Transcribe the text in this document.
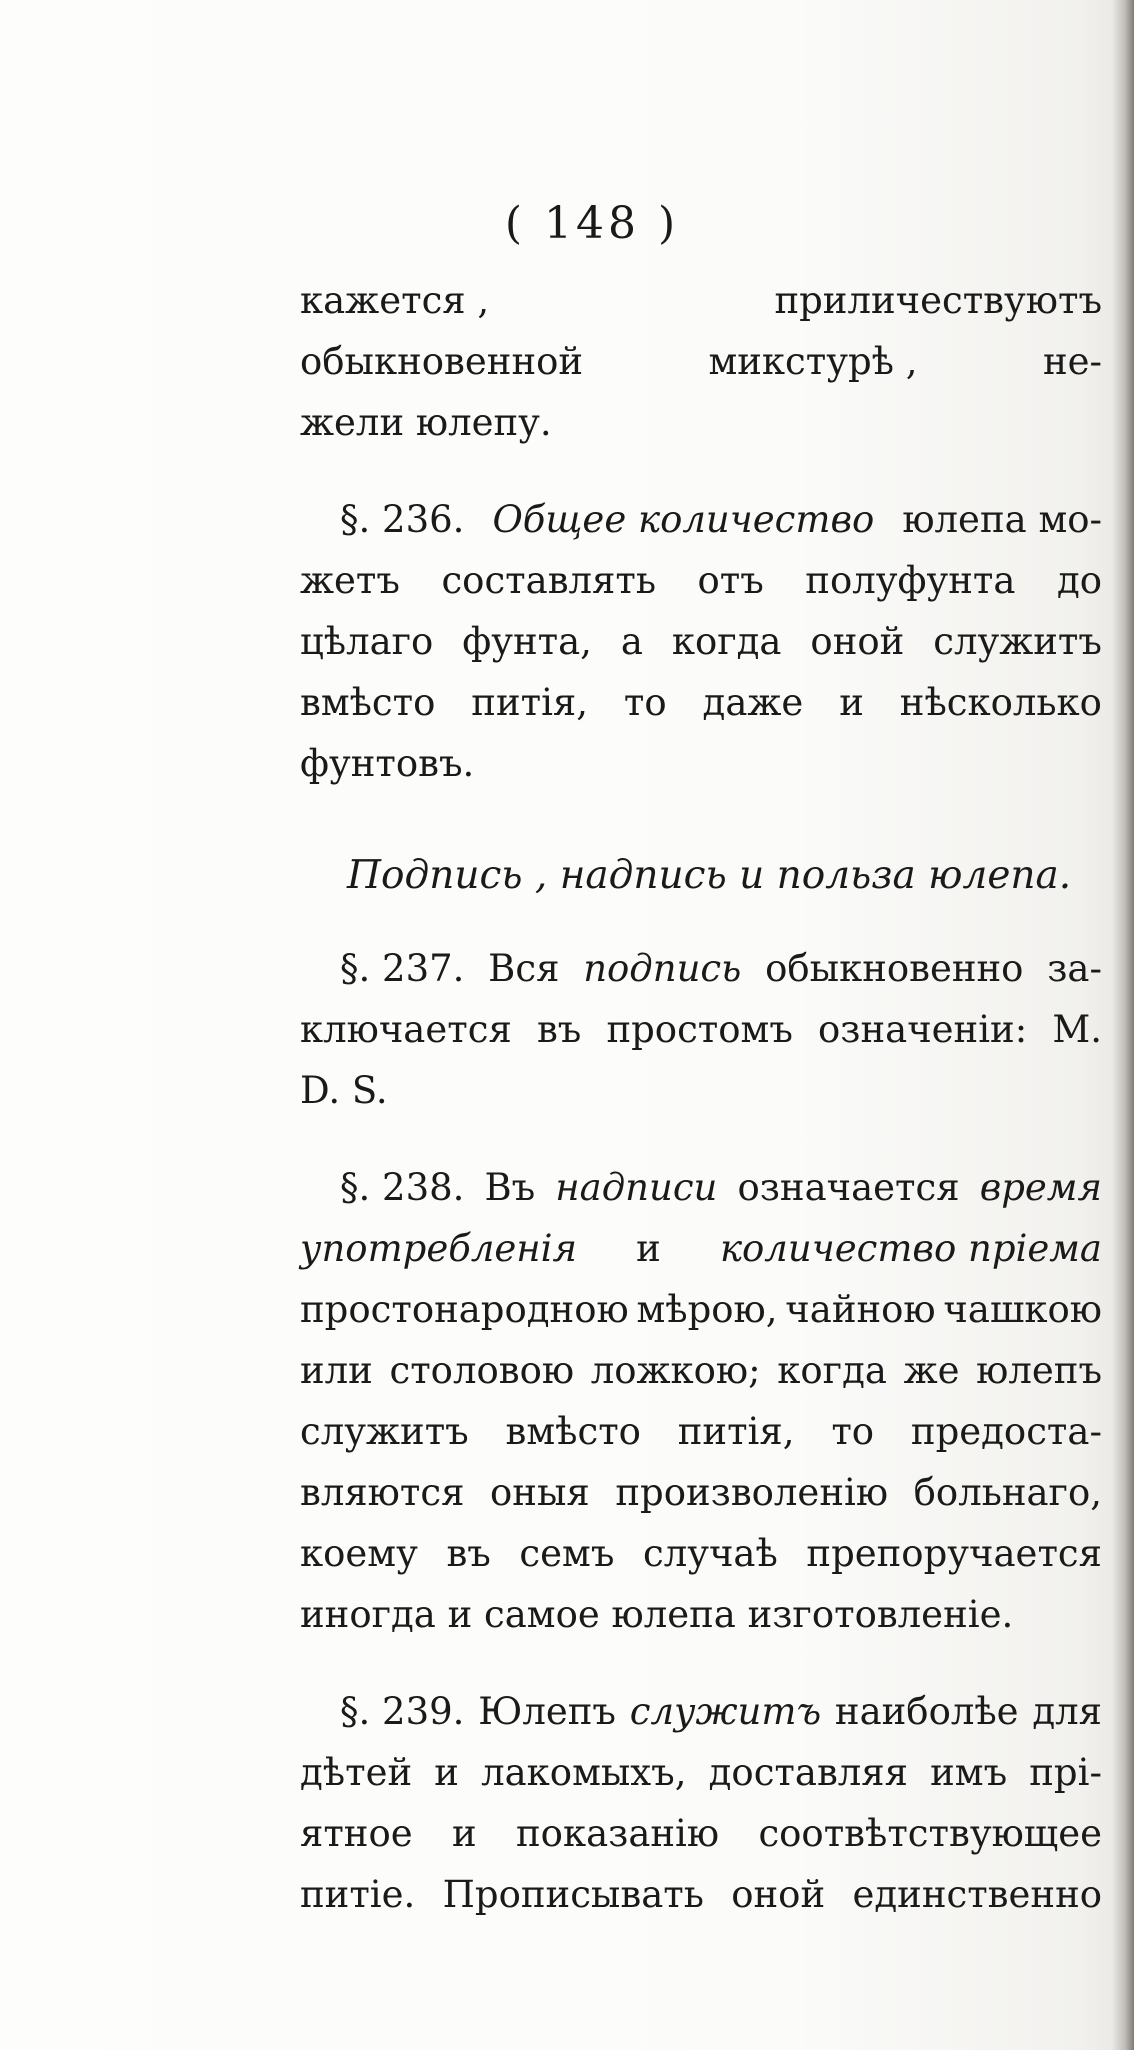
( 148 )
кажется ,	приличествуютъ
обыкновенной	микстурѣ ,	не-
жели юлепу.
§. 236. Общее количество юлепа мо-
жетъ составлять отъ полуфунта до
цѣлаго фунта, а когда оной служитъ
вмѣсто питія, то даже и нѣсколько
фунтовъ.
Подпись , надпись и польза юлепа.
§. 237. Вся подпись обыкновенно за-
ключается въ простомъ означеніи: М.
D. S.
§. 238. Въ надписи означается время
употребленія и количество пріема
простонародною мѣрою, чайною чашкою
или столовою ложкою; когда же юлепъ
служитъ вмѣсто питія, то предоста-
вляются оныя произволенію больнаго,
коему въ семъ случаѣ препоручается
иногда и самое юлепа изготовленіе.
§. 239. Юлепъ служитъ наиболѣе для
дѣтей и лакомыхъ, доставляя имъ прі-
ятное и показанію соотвѣтствующее
питіе. Прописывать оной единственно
